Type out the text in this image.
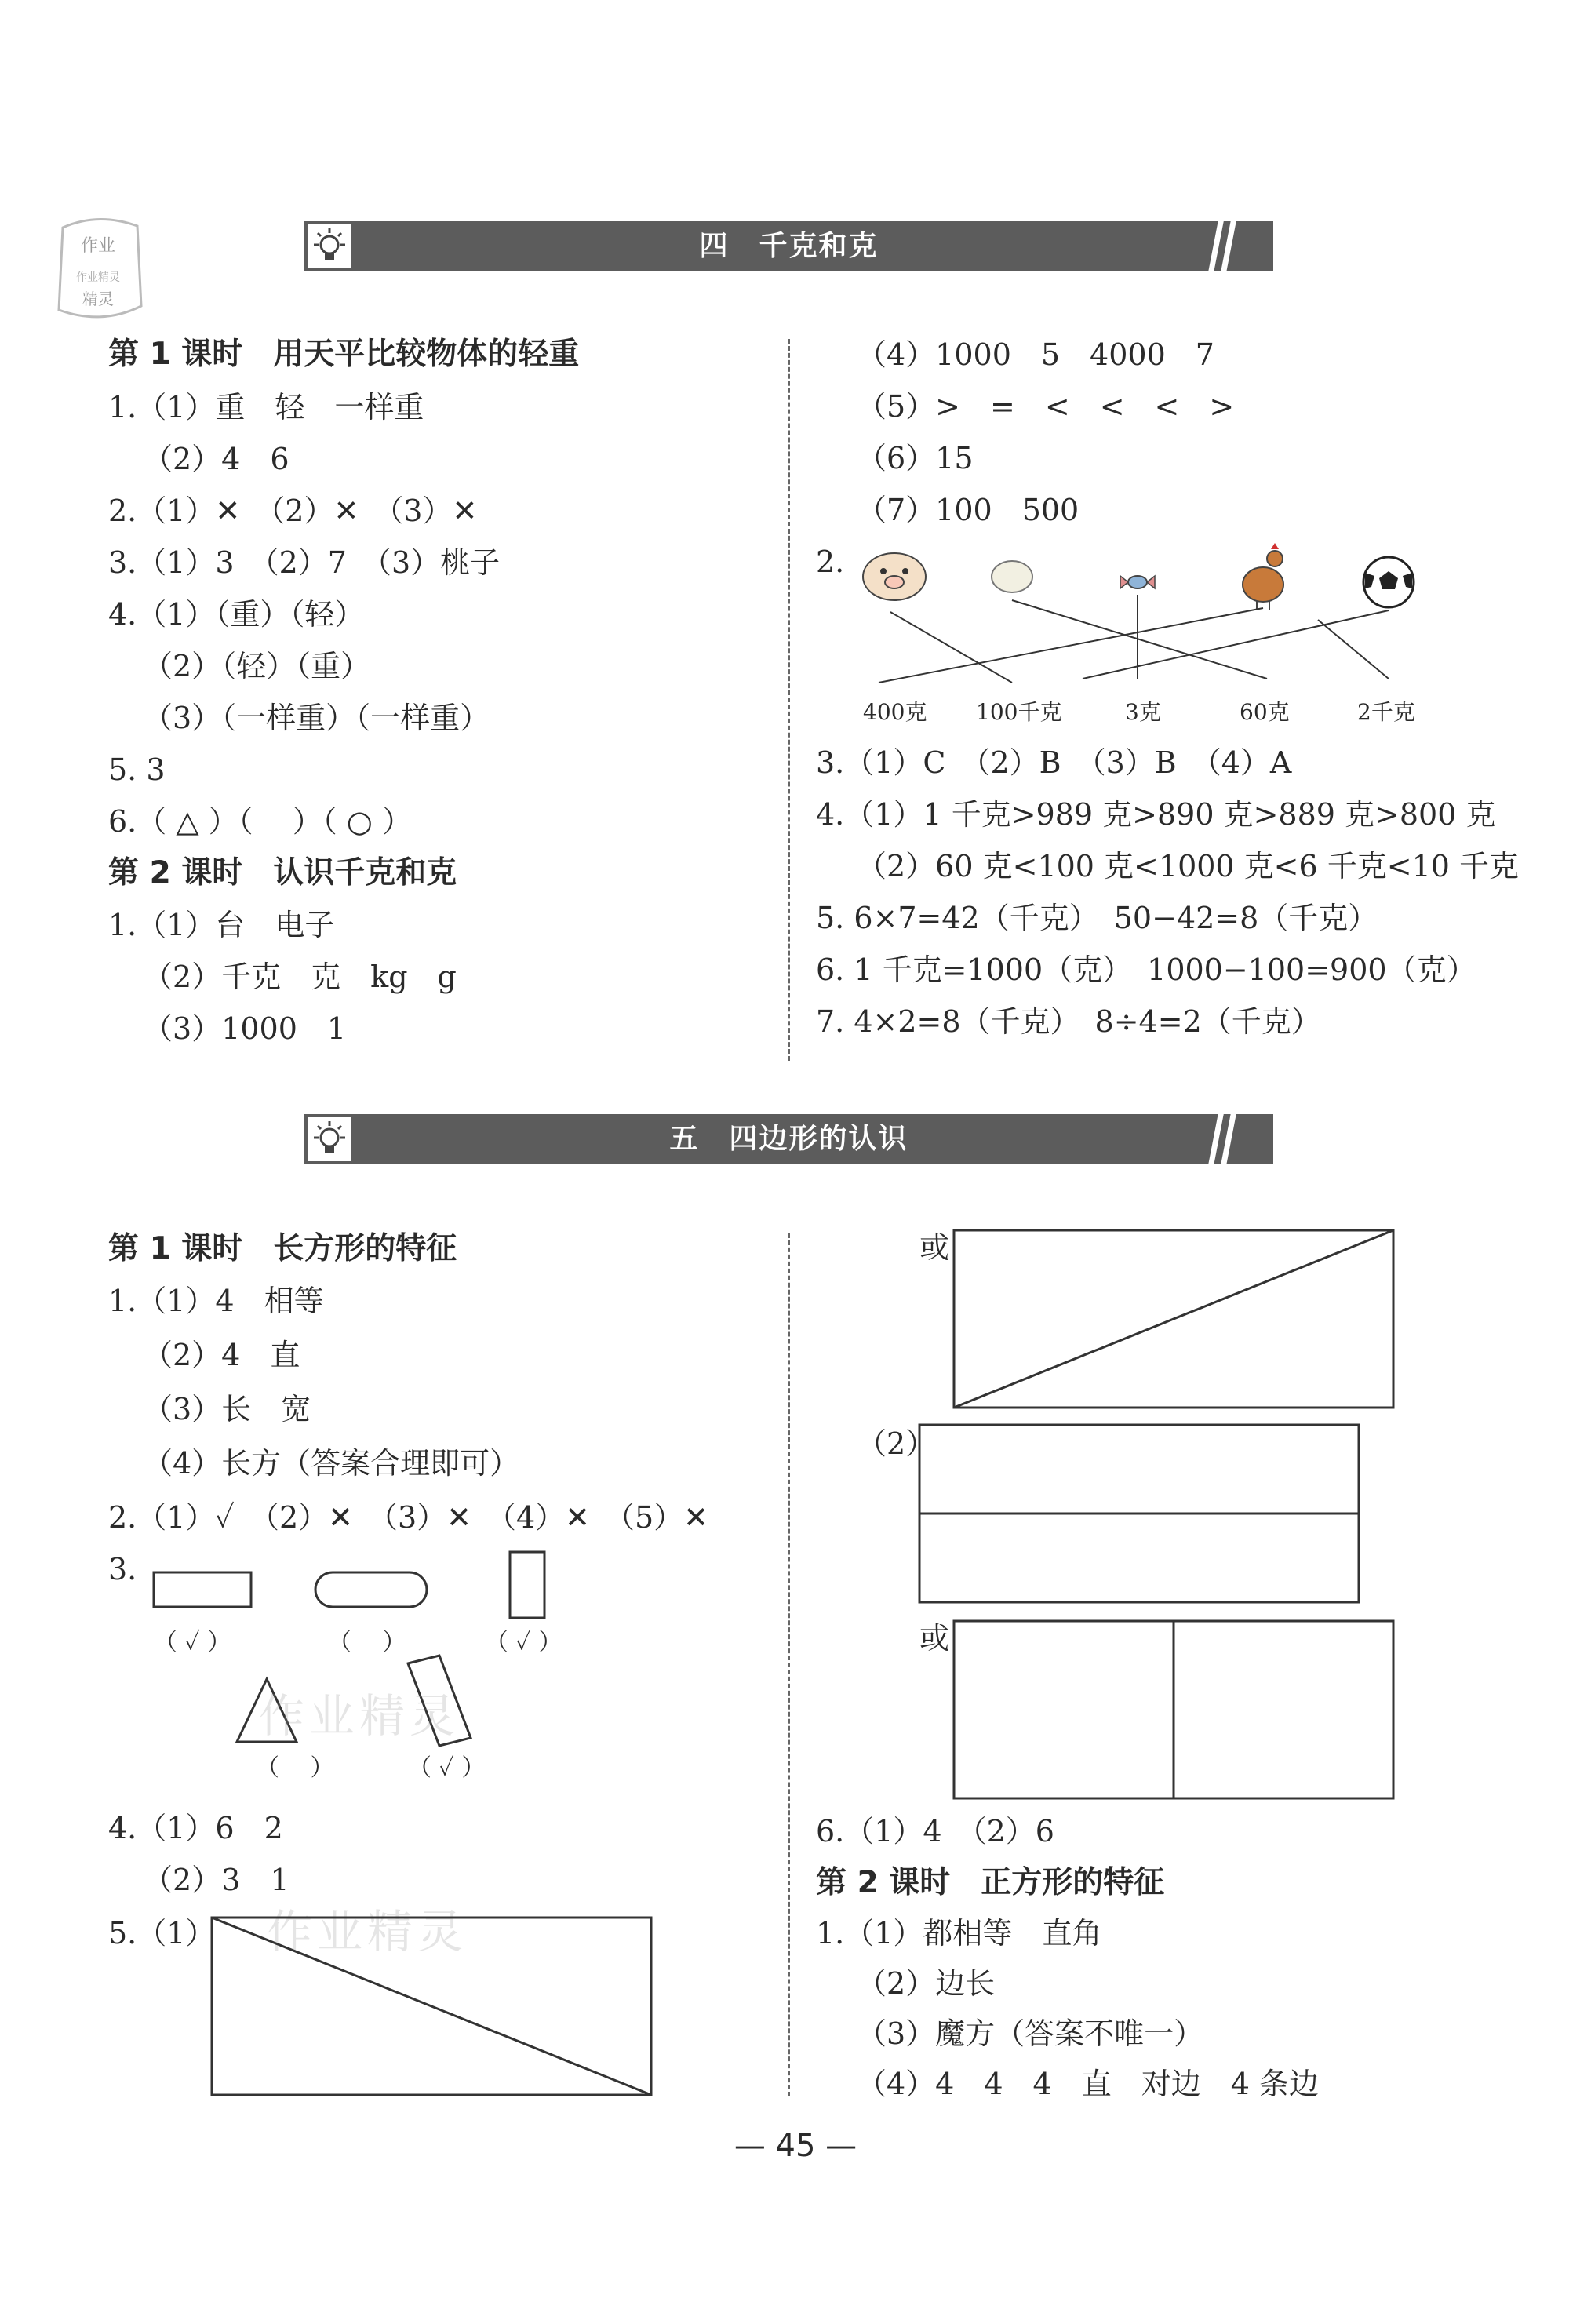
作业
作业精灵
精灵
四　千克和克
第 1 课时　用天平比较物体的轻重
1.（1）重　轻　一样重
（2）4　6
2.（1）✕　（2）✕　（3）✕
3.（1）3　（2）7　（3）桃子
4.（1）（重）（轻）
（2）（轻）（重）
（3）（一样重）（一样重）
5. 3
6.（ △ ）（　 ）（ ○ ）
第 2 课时　认识千克和克
1.（1）台　电子
（2）千克　克　kg　g
（3）1000　1
（4）1000　5　4000　7
（5）>　=　<　<　<　>
（6）15
（7）100　500
2.
400克 100千克	3克	60克	2千克
3.（1）C　（2）B　（3）B　（4）A
4.（1）1 千克>989 克>890 克>889 克>800 克
（2）60 克<100 克<1000 克<6 千克<10 千克
5. 6×7=42（千克）　50−42=8（千克）
6. 1 千克=1000（克）　1000−100=900（克）
7. 4×2=8（千克）　8÷4=2（千克）
五　四边形的认识
第 1 课时　长方形的特征
1.（1）4　相等
（2）4　直
（3）长　宽
（4）长方（答案合理即可）
2.（1）✓　（2）✕　（3）✕　（4）✕　（5）✕
3.
（ ✓ ）	（　 ）	（ ✓ ）
（　 ）	（ ✓ ）
作业精灵
4.（1）6　2
（2）3　1
作业精灵
5.（1）
或
（2）
或
6.（1）4　（2）6
第 2 课时　正方形的特征
1.（1）都相等　直角
（2）边长
（3）魔方（答案不唯一）
（4）4　4　4　直　对边　4 条边
— 45 —
